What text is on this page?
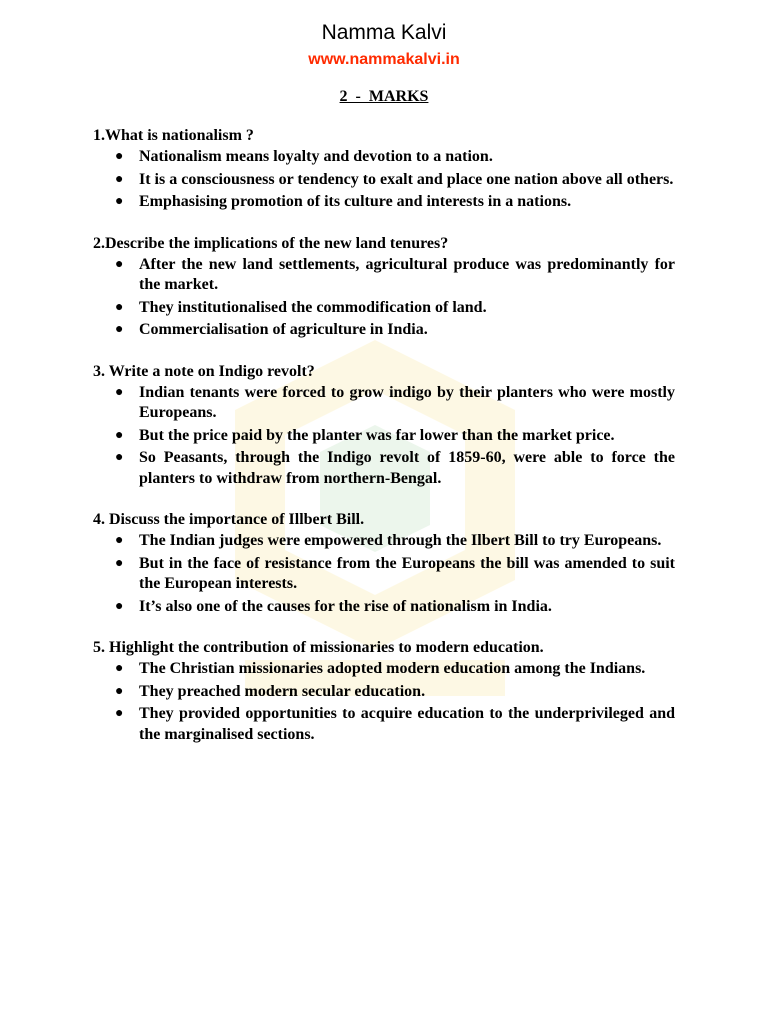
Namma Kalvi
www.nammakalvi.in
2  -  MARKS

1.What is nationalism ?

● Nationalism means loyalty and devotion to a nation.
● It is a consciousness or tendency to exalt and place one nation above all others.
● Emphasising promotion of its culture and interests in a nations.

2.Describe the implications of the new land tenures?

● After the new land settlements, agricultural produce was predominantly for the market.
● They institutionalised the commodification of land.
● Commercialisation of agriculture in India.

3. Write a note on Indigo revolt?

● Indian tenants were forced to grow indigo by their planters who were mostly Europeans.
● But the price paid by the planter was far lower than the market price.
● So Peasants, through the Indigo revolt of 1859-60, were able to force the planters to withdraw from northern-Bengal.

4. Discuss the importance of Illbert Bill.

● The Indian judges were empowered through the Ilbert Bill to try Europeans.
● But in the face of resistance from the Europeans the bill was amended to suit the European interests.
● It’s also one of the causes for the rise of nationalism in India.

5. Highlight the contribution of missionaries to modern education.

● The Christian missionaries adopted modern education among the Indians.
● They preached modern secular education.
● They provided opportunities to acquire education to the underprivileged and the marginalised sections.
